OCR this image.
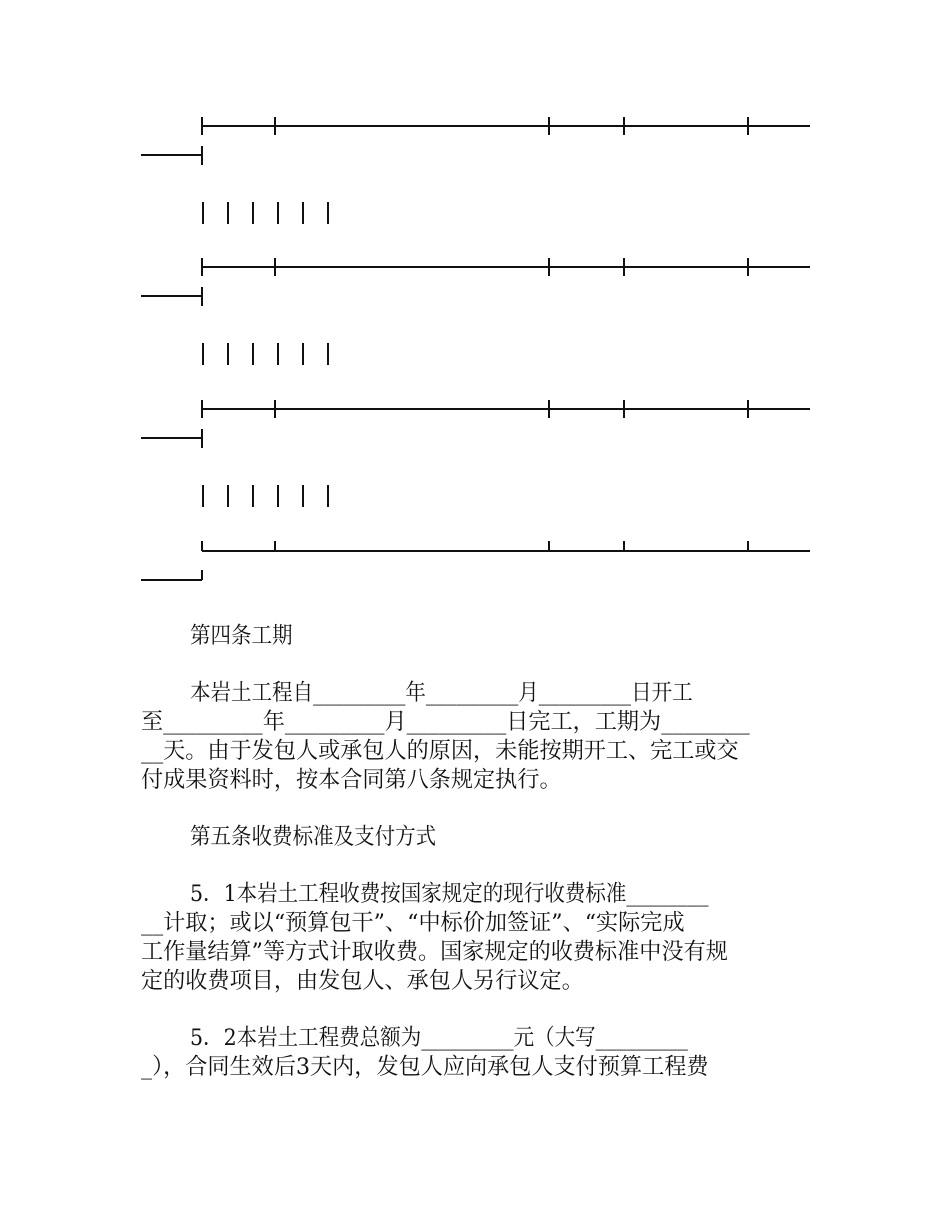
第四条工期
本岩土工程自_________年_________月_________日开工
至_________年_________月_________日完工，工期为________
__天。由于发包人或承包人的原因，未能按期开工、完工或交
付成果资料时，按本合同第八条规定执行。
第五条收费标准及支付方式
5．1本岩土工程收费按国家规定的现行收费标准________
__计取；或以“预算包干”、“中标价加签证”、“实际完成
工作量结算”等方式计取收费。国家规定的收费标准中没有规
定的收费项目，由发包人、承包人另行议定。
5．2本岩土工程费总额为_________元（大写_________
_），合同生效后3天内，发包人应向承包人支付预算工程费
